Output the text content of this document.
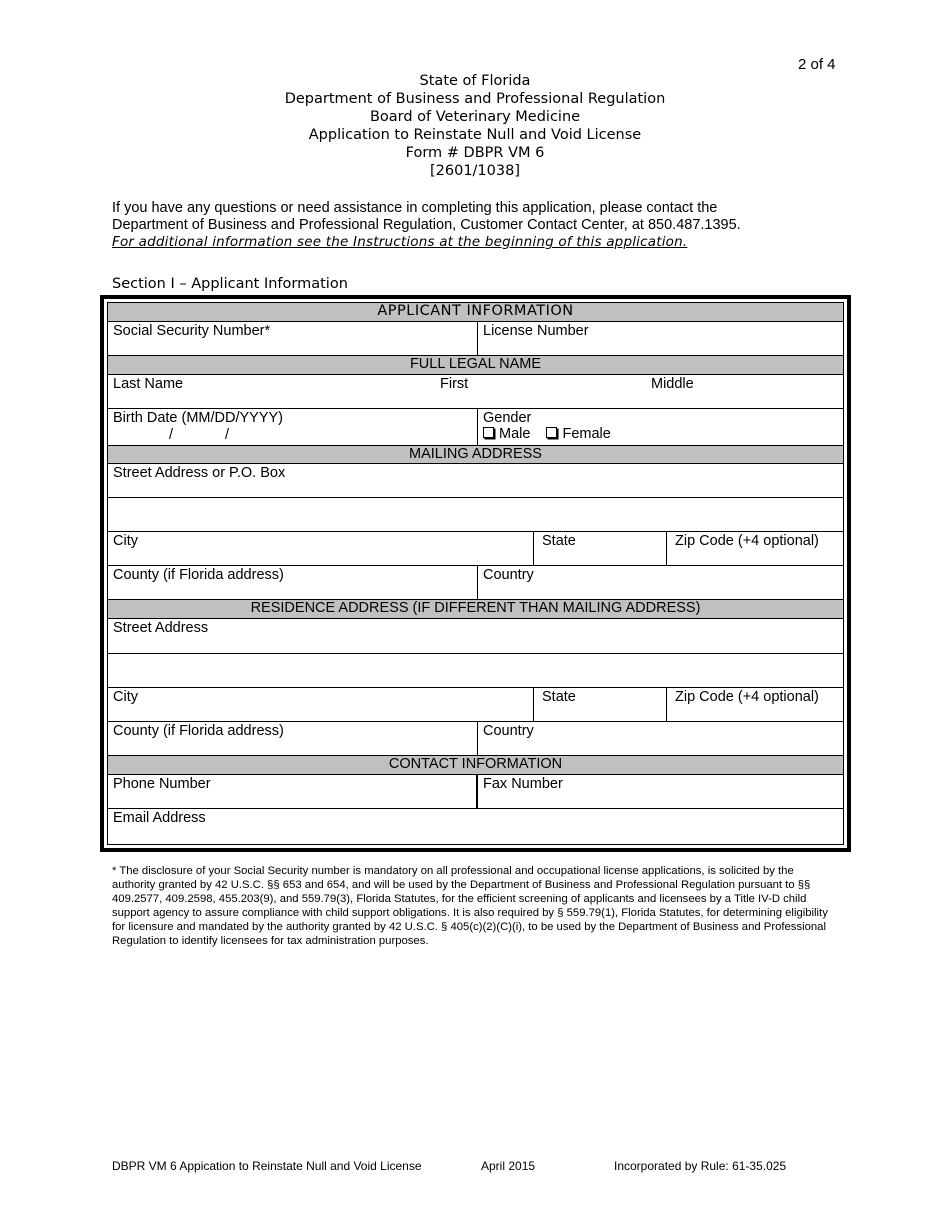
2 of 4
State of Florida
Department of Business and Professional Regulation
Board of Veterinary Medicine
Application to Reinstate Null and Void License
Form # DBPR VM 6
[2601/1038]
If you have any questions or need assistance in completing this application, please contact the
Department of Business and Professional Regulation, Customer Contact Center, at 850.487.1395.
For additional information see the Instructions at the beginning of this application.
Section I – Applicant Information
APPLICANT INFORMATION
Social Security Number*	License Number
FULL LEGAL NAME
Last Name	First	Middle
Birth Date (MM/DD/YYYY)
/	/
Gender
Male Female
MAILING ADDRESS
Street Address or P.O. Box
City	State	Zip Code (+4 optional)
County (if Florida address)	Country
RESIDENCE ADDRESS (IF DIFFERENT THAN MAILING ADDRESS)
Street Address
City	State	Zip Code (+4 optional)
County (if Florida address)	Country
CONTACT INFORMATION
Phone Number	Fax Number
Email Address
* The disclosure of your Social Security number is mandatory on all professional and occupational license applications, is solicited by the authority granted by 42 U.S.C. §§ 653 and 654, and will be used by the Department of Business and Professional Regulation pursuant to §§ 409.2577, 409.2598, 455.203(9), and 559.79(3), Florida Statutes, for the efficient screening of applicants and licensees by a Title IV-D child support agency to assure compliance with child support obligations. It is also required by § 559.79(1), Florida Statutes, for determining eligibility for licensure and mandated by the authority granted by 42 U.S.C. § 405(c)(2)(C)(i), to be used by the Department of Business and Professional Regulation to identify licensees for tax administration purposes.
DBPR VM 6 Appication to Reinstate Null and Void License	April 2015	Incorporated by Rule: 61-35.025
